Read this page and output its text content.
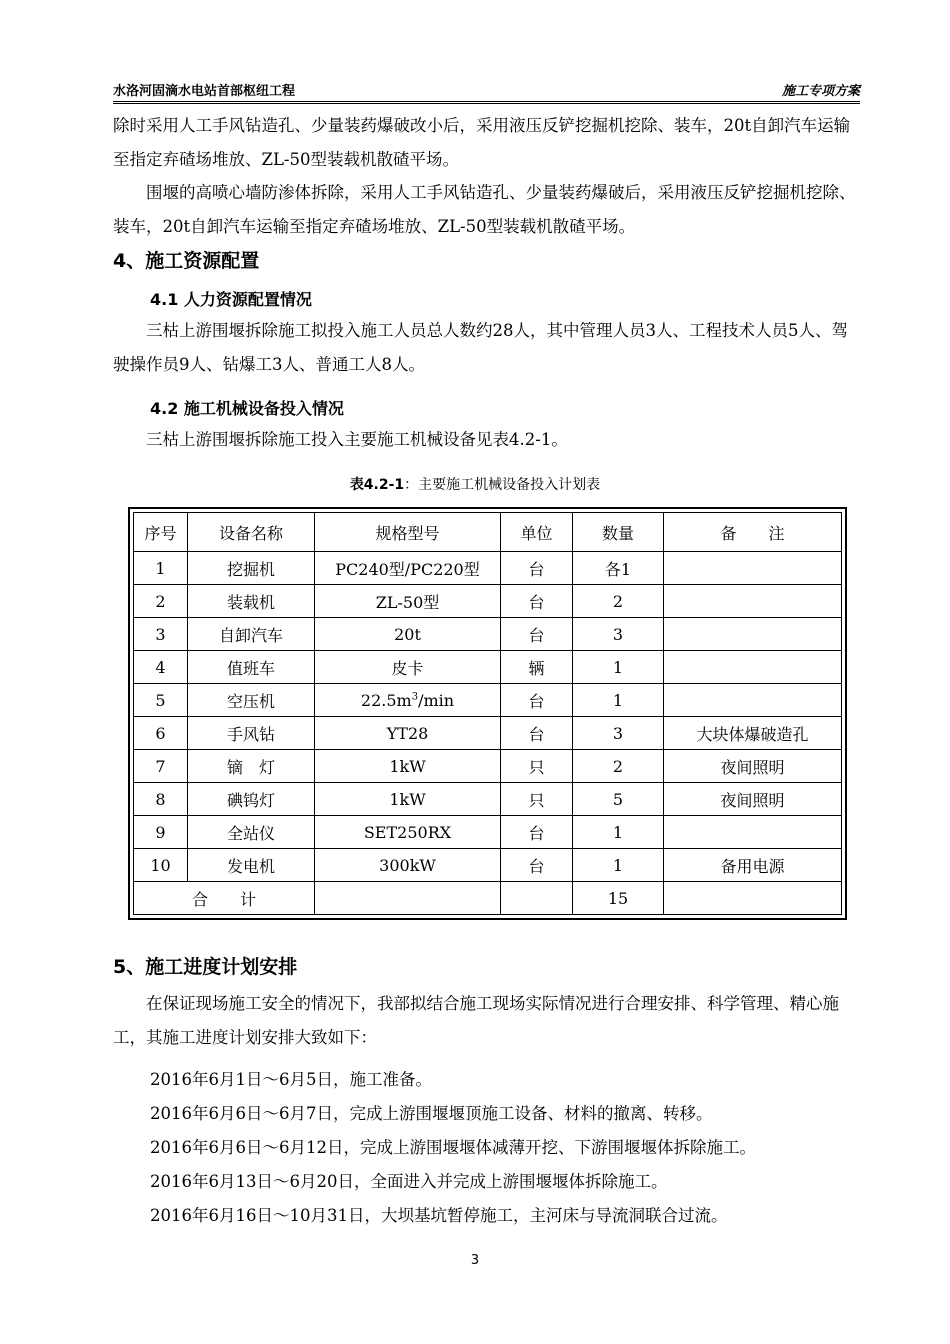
水洛河固滴水电站首部枢纽工程	施工专项方案
除时采用人工手风钻造孔、少量装药爆破改小后，采用液压反铲挖掘机挖除、装车，20t自卸汽车运输至指定弃碴场堆放、ZL-50型装载机散碴平场。
围堰的高喷心墙防渗体拆除，采用人工手风钻造孔、少量装药爆破后，采用液压反铲挖掘机挖除、装车，20t自卸汽车运输至指定弃碴场堆放、ZL-50型装载机散碴平场。
4、施工资源配置
4.1 人力资源配置情况
三枯上游围堰拆除施工拟投入施工人员总人数约28人，其中管理人员3人、工程技术人员5人、驾驶操作员9人、钻爆工3人、普通工人8人。
4.2 施工机械设备投入情况
三枯上游围堰拆除施工投入主要施工机械设备见表4.2-1。
表4.2-1：主要施工机械设备投入计划表
序号	设备名称	规格型号	单位	数量	备　　注
1	挖掘机	PC240型/PC220型	台	各1	
2	装载机	ZL-50型	台	2	
3	自卸汽车	20t	台	3	
4	值班车	皮卡	辆	1	
5	空压机	$22.5m^3/\min$	台	1	
6	手风钻	YT28	台	3	大块体爆破造孔
7	镝　灯	1kW	只	2	夜间照明
8	碘钨灯	1kW	只	5	夜间照明
9	全站仪	SET250RX	台	1	
10	发电机	300kW	台	1	备用电源
合　　计				15	
5、施工进度计划安排
在保证现场施工安全的情况下，我部拟结合施工现场实际情况进行合理安排、科学管理、精心施工，其施工进度计划安排大致如下：
2016年6月1日～6月5日，施工准备。
2016年6月6日～6月7日，完成上游围堰堰顶施工设备、材料的撤离、转移。
2016年6月6日～6月12日，完成上游围堰堰体减薄开挖、下游围堰堰体拆除施工。
2016年6月13日～6月20日，全面进入并完成上游围堰堰体拆除施工。
2016年6月16日～10月31日，大坝基坑暂停施工，主河床与导流洞联合过流。
3
